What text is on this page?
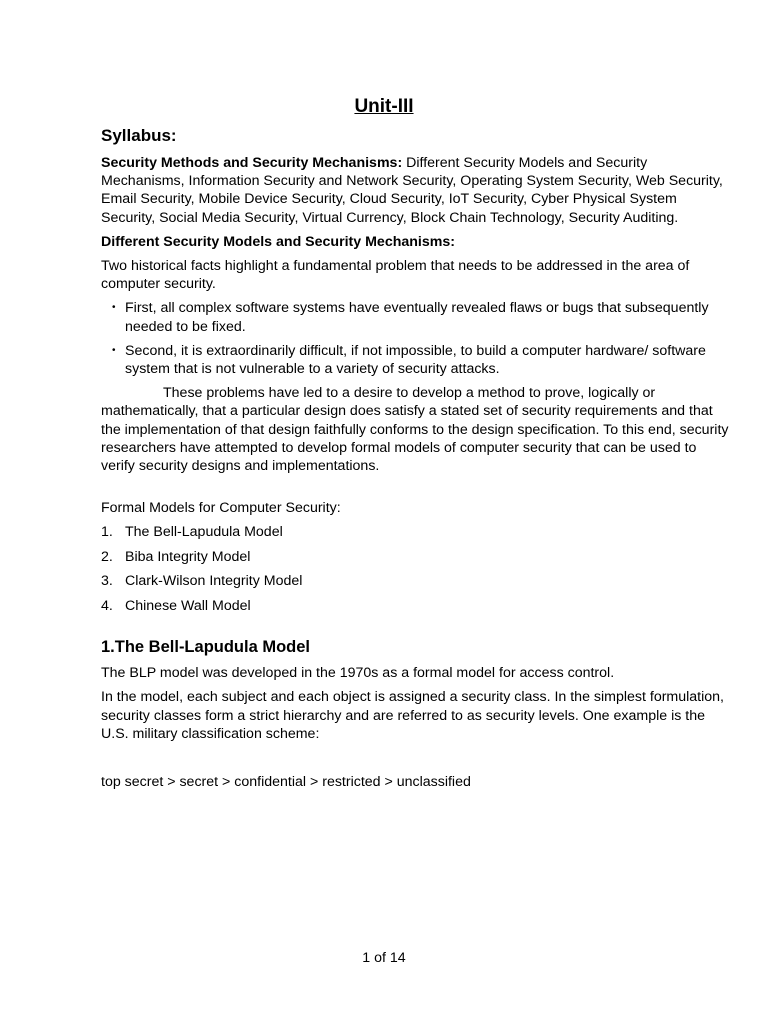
Unit-III
Syllabus:

Security Methods and Security Mechanisms: Different Security Models and Security Mechanisms, Information Security and Network Security, Operating System Security, Web Security, Email Security, Mobile Device Security, Cloud Security, IoT Security, Cyber Physical System Security, Social Media Security, Virtual Currency, Block Chain Technology, Security Auditing.

Different Security Models and Security Mechanisms:

Two historical facts highlight a fundamental problem that needs to be addressed in the area of computer security.

• First, all complex software systems have eventually revealed flaws or bugs that subsequently needed to be fixed.
• Second, it is extraordinarily difficult, if not impossible, to build a computer hardware/ software system that is not vulnerable to a variety of security attacks.

These problems have led to a desire to develop a method to prove, logically or mathematically, that a particular design does satisfy a stated set of security requirements and that the implementation of that design faithfully conforms to the design specification. To this end, security researchers have attempted to develop formal models of computer security that can be used to verify security designs and implementations.

Formal Models for Computer Security:

1. The Bell-Lapudula Model
2. Biba Integrity Model
3. Clark-Wilson Integrity Model
4. Chinese Wall Model
1.The Bell-Lapudula Model

The BLP model was developed in the 1970s as a formal model for access control.

In the model, each subject and each object is assigned a security class. In the simplest formulation, security classes form a strict hierarchy and are referred to as security levels. One example is the U.S. military classification scheme:

top secret > secret > confidential > restricted > unclassified

1 of 14
